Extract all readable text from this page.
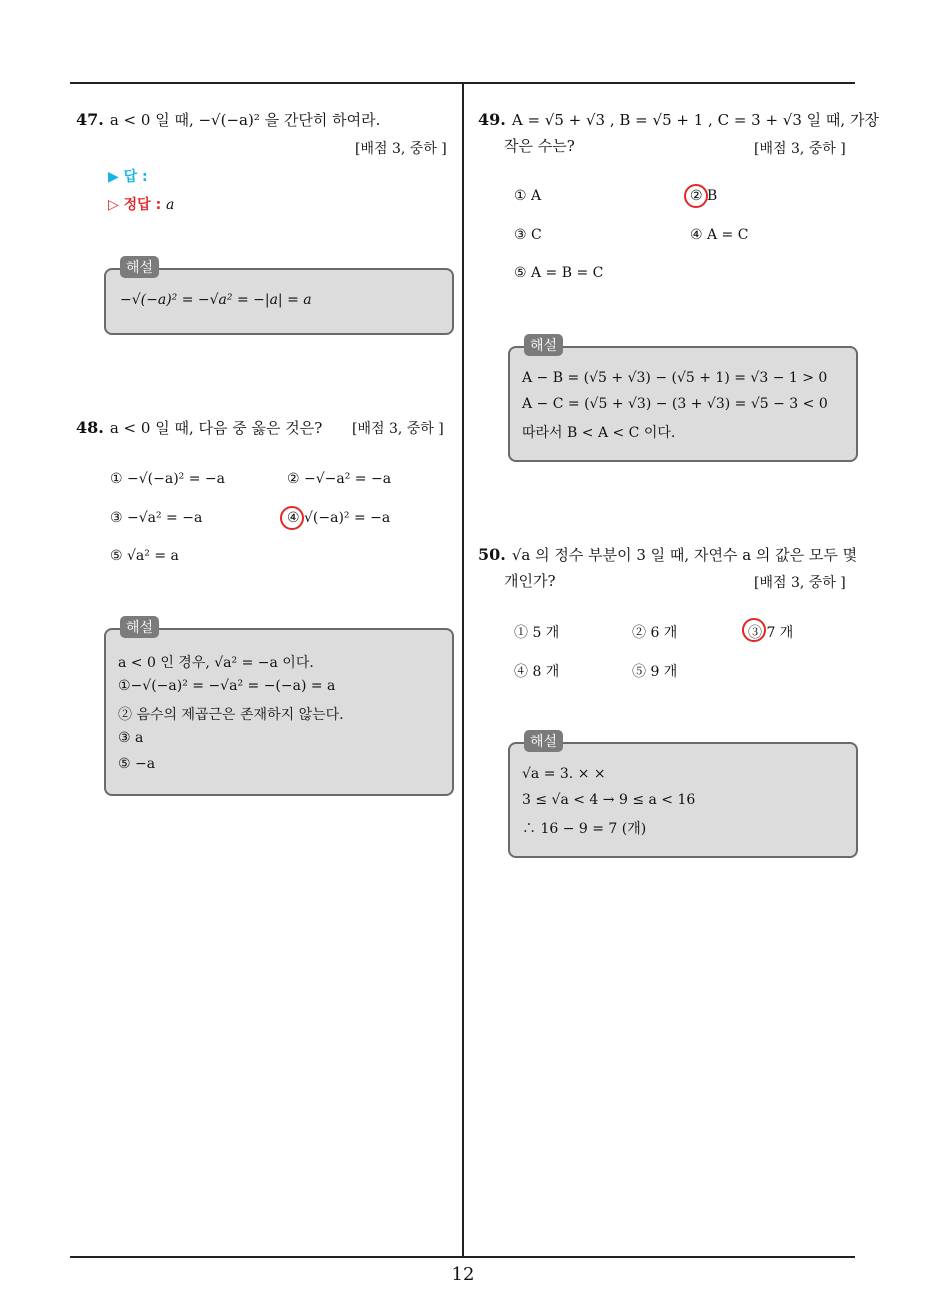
47. a < 0 일 때, −√(−a)² 을 간단히 하여라.
[배점 3, 중하 ]
▶ 답 :
▷ 정답 : a
해설
−√(−a)² = −√a² = −|a| = a
48. a < 0 일 때, 다음 중 옳은 것은? [배점 3, 중하 ]
① −√(−a)² = −a	② −√−a² = −a
③ −√a² = −a	④ √(−a)² = −a
⑤ √a² = a
해설
a < 0 인 경우, √a² = −a 이다.
①−√(−a)² = −√a² = −(−a) = a
② 음수의 제곱근은 존재하지 않는다.
③ a
⑤ −a
49. A = √5 + √3 , B = √5 + 1 , C = 3 + √3 일 때, 가장
작은 수는?	[배점 3, 중하 ]
① A	② B
③ C	④ A = C
⑤ A = B = C
해설
A − B = (√5 + √3) − (√5 + 1) = √3 − 1 > 0
A − C = (√5 + √3) − (3 + √3) = √5 − 3 < 0
따라서 B < A < C 이다.
50. √a 의 정수 부분이 3 일 때, 자연수 a 의 값은 모두 몇
개인가?	[배점 3, 중하 ]
① 5 개	② 6 개	③ 7 개
④ 8 개	⑤ 9 개
해설
√a = 3. × ×
3 ≤ √a < 4 → 9 ≤ a < 16
∴ 16 − 9 = 7 (개)
12
